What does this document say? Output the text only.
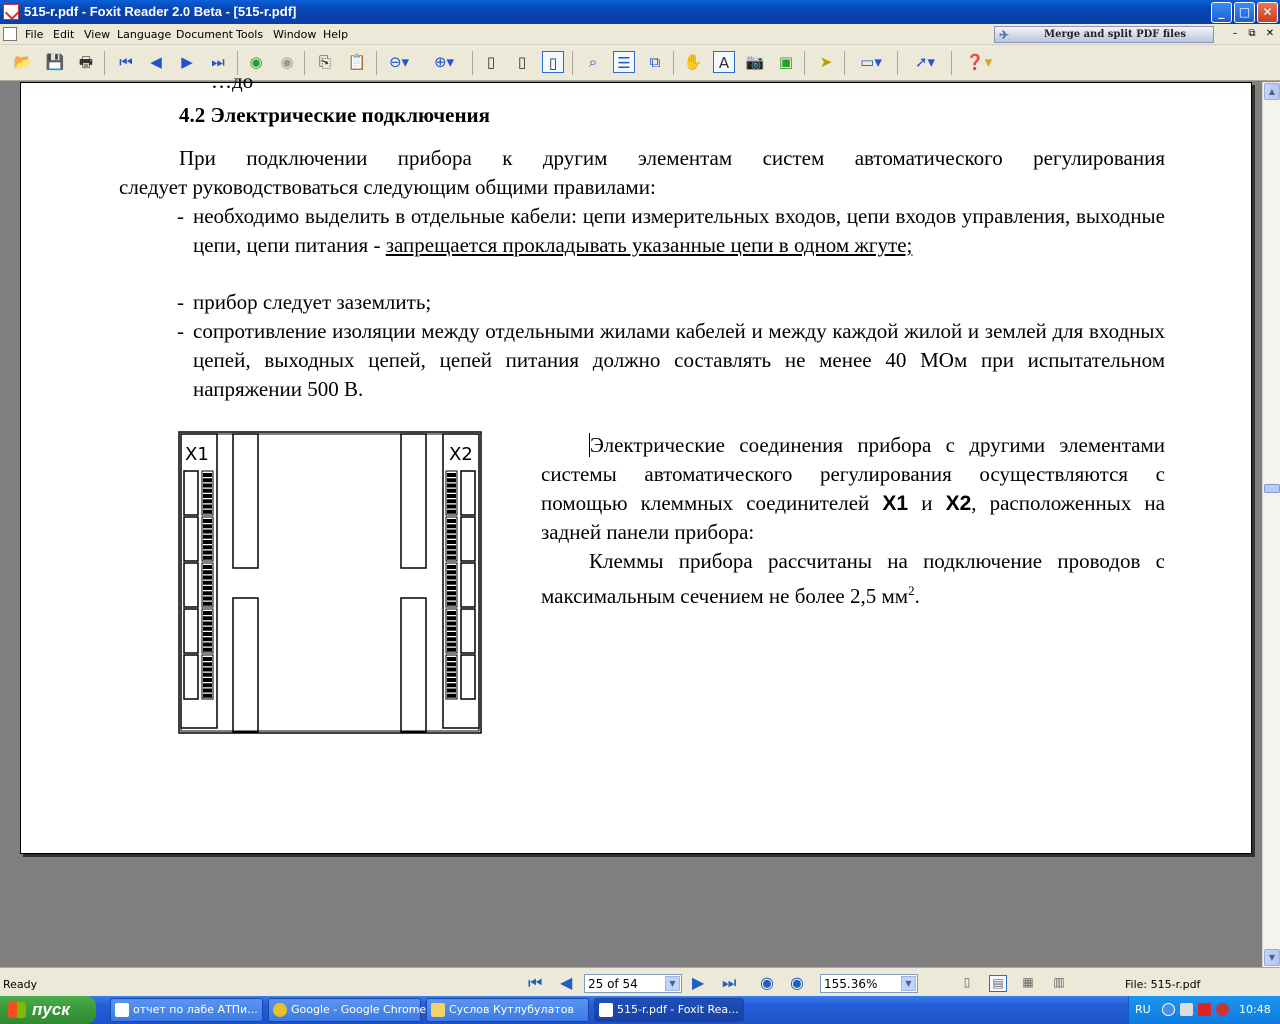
515-r.pdf - Foxit Reader 2.0 Beta - [515-r.pdf]	_	□	✕
File Edit View Language Document Tools Window Help	✈	Merge and split PDF files	–	⧉	✕
📂 💾 🖶 ⏮	◀	▶	⏭ ◉ ◉	⎘	📋 ⊖▾ ⊕▾	▯	▯	▯	⌕	☰	⧉	✋	A	📷 ▣	➤	▭▾	➚▾	❓▾
…до
4.2 Электрические подключения
При подключении прибора к другим элементам систем автоматического регулирования
следует руководствоваться следующим общими правилами:
- необходимо выделить в отдельные кабели: цепи измерительных входов, цепи входов управления, выходные цепи, цепи питания - запрещается прокладывать указанные цепи в одном жгуте;
- прибор следует заземлить;
- сопротивление изоляции между отдельными жилами кабелей и между каждой жилой и землей для входных цепей, выходных цепей, цепей питания должно составлять не менее 40 МОм при испытательном напряжении 500 В.
X1	X2	Электрические соединения прибора с другими элементами системы автоматического регулирования осуществляются с помощью клеммных соединителей X1 и X2, расположенных на задней панели прибора:
Клеммы прибора рассчитаны на подключение проводов с максимальным сечением не более 2,5 $мм^2$.
▲
▼
Ready	⏮ ◀	25 of 54	▼ ▶ ⏭ ◉ ◉	155.36%	▼	▯	▤ ▦ ▥	File: 515-r.pdf
пуск	отчет по лабе АТПи...	Google - Google Chrome	Суслов Кутлубулатов	515-r.pdf - Foxit Rea...	RU	10:48
